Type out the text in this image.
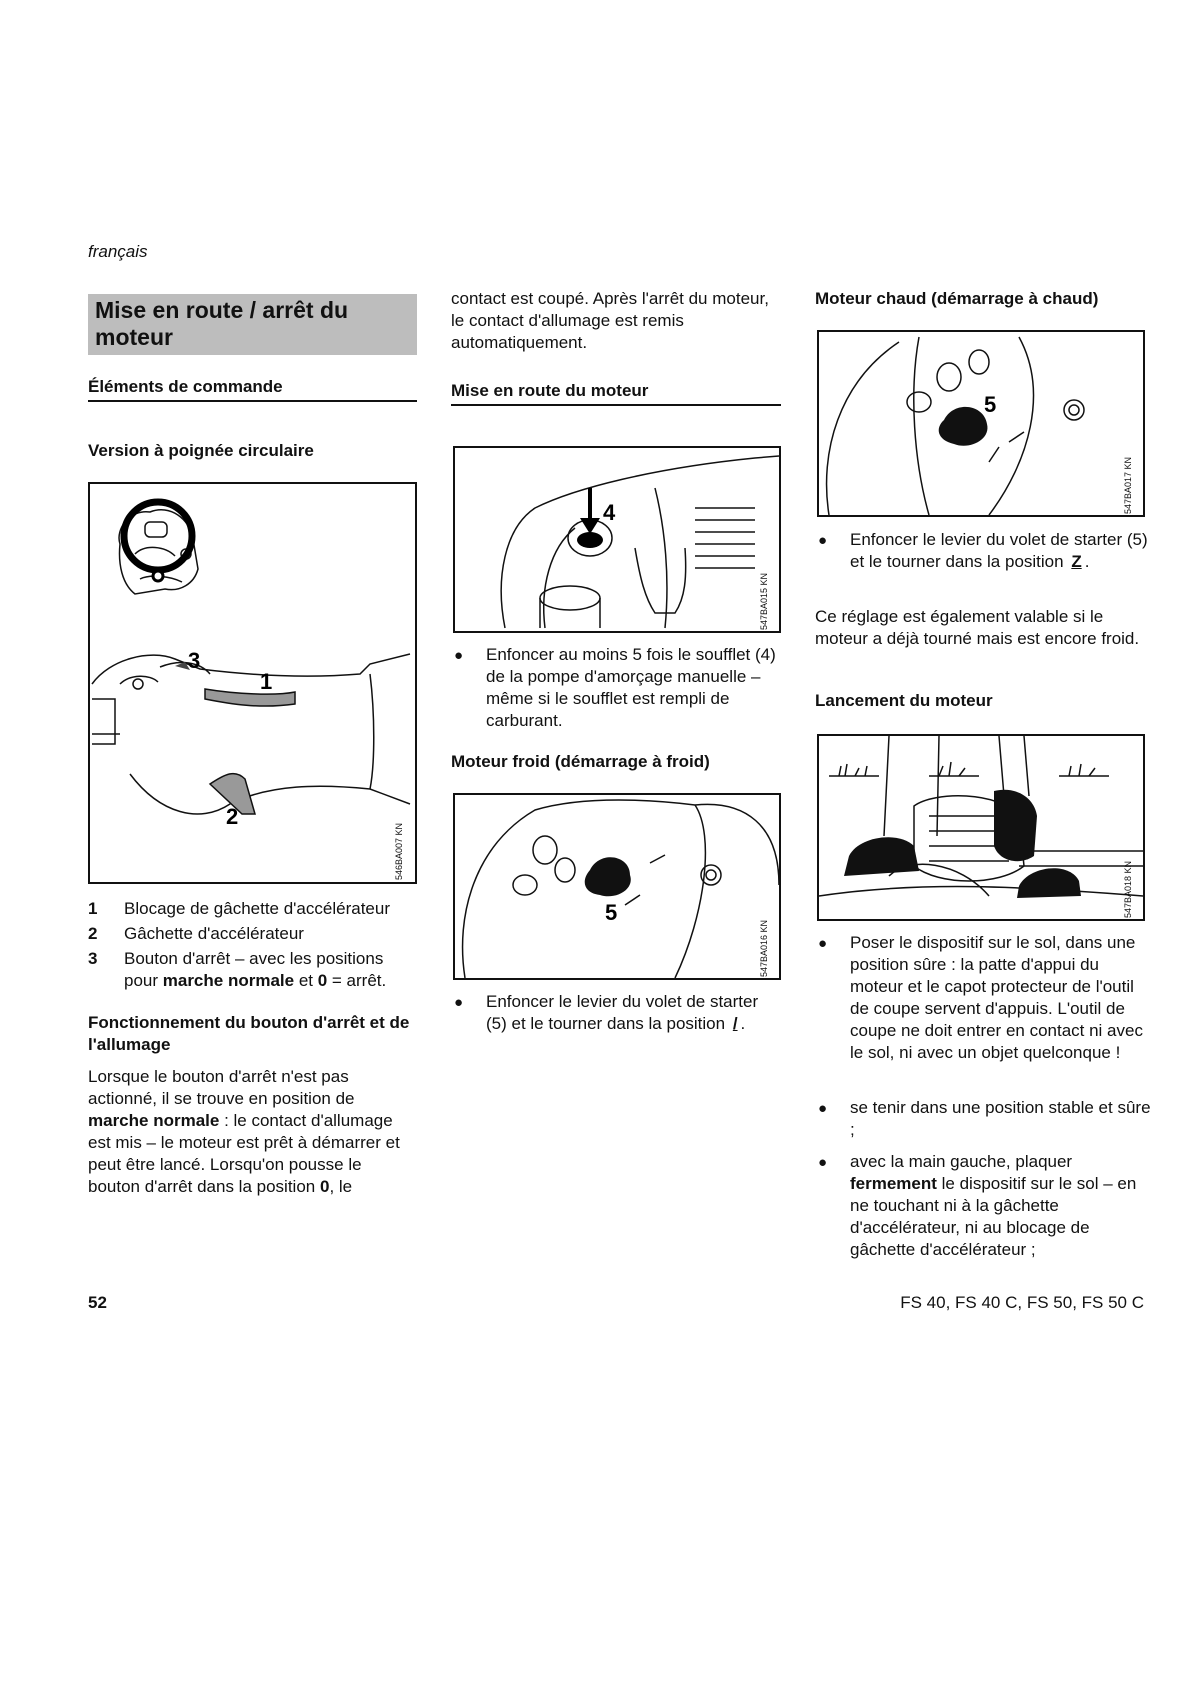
français
Mise en route / arrêt du moteur
Éléments de commande
Version à poignée circulaire
3
1
2
546BA007 KN
1 Blocage de gâchette d'accélérateur
2 Gâchette d'accélérateur
3 Bouton d'arrêt – avec les positions pour marche normale et 0 = arrêt.
Fonctionnement du bouton d'arrêt et de l'allumage
Lorsque le bouton d'arrêt n'est pas actionné, il se trouve en position de marche normale : le contact d'allumage est mis – le moteur est prêt à démarrer et peut être lancé. Lorsqu'on pousse le bouton d'arrêt dans la position 0, le
contact est coupé. Après l'arrêt du moteur, le contact d'allumage est remis automatiquement.
Mise en route du moteur
4
547BA015 KN
● Enfoncer au moins 5 fois le soufflet (4) de la pompe d'amorçage manuelle – même si le soufflet est rempli de carburant.
Moteur froid (démarrage à froid)
5
547BA016 KN
● Enfoncer le levier du volet de starter (5) et le tourner dans la position / .
Moteur chaud (démarrage à chaud)
5
547BA017 KN
● Enfoncer le levier du volet de starter (5) et le tourner dans la position Z .
Ce réglage est également valable si le moteur a déjà tourné mais est encore froid.
Lancement du moteur
547BA018 KN
● Poser le dispositif sur le sol, dans une position sûre : la patte d'appui du moteur et le capot protecteur de l'outil de coupe servent d'appuis. L'outil de coupe ne doit entrer en contact ni avec le sol, ni avec un objet quelconque !
● se tenir dans une position stable et sûre ;
● avec la main gauche, plaquer fermement le dispositif sur le sol – en ne touchant ni à la gâchette d'accélérateur, ni au blocage de gâchette d'accélérateur ;
52	FS 40, FS 40 C, FS 50, FS 50 C
